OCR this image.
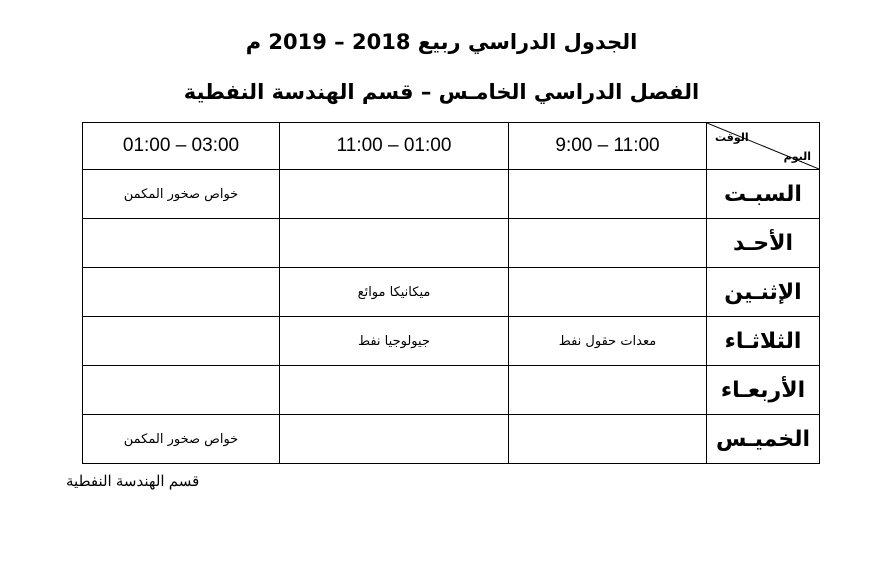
الجدول الدراسي ربيع 2018 – 2019 م
الفصل الدراسي الخامـس – قسم الهندسة النفطية
الوقت
اليوم	9:00 – 11:00	11:00 – 01:00	01:00 – 03:00
السبـت			خواص صخور المكمن
الأحـد			
الإثنـين		ميكانيكا موائع	
الثلاثـاء	معدات حقول نفط	جيولوجيا نفط	
الأربعـاء			
الخميـس			خواص صخور المكمن
قسم الهندسة النفطية
